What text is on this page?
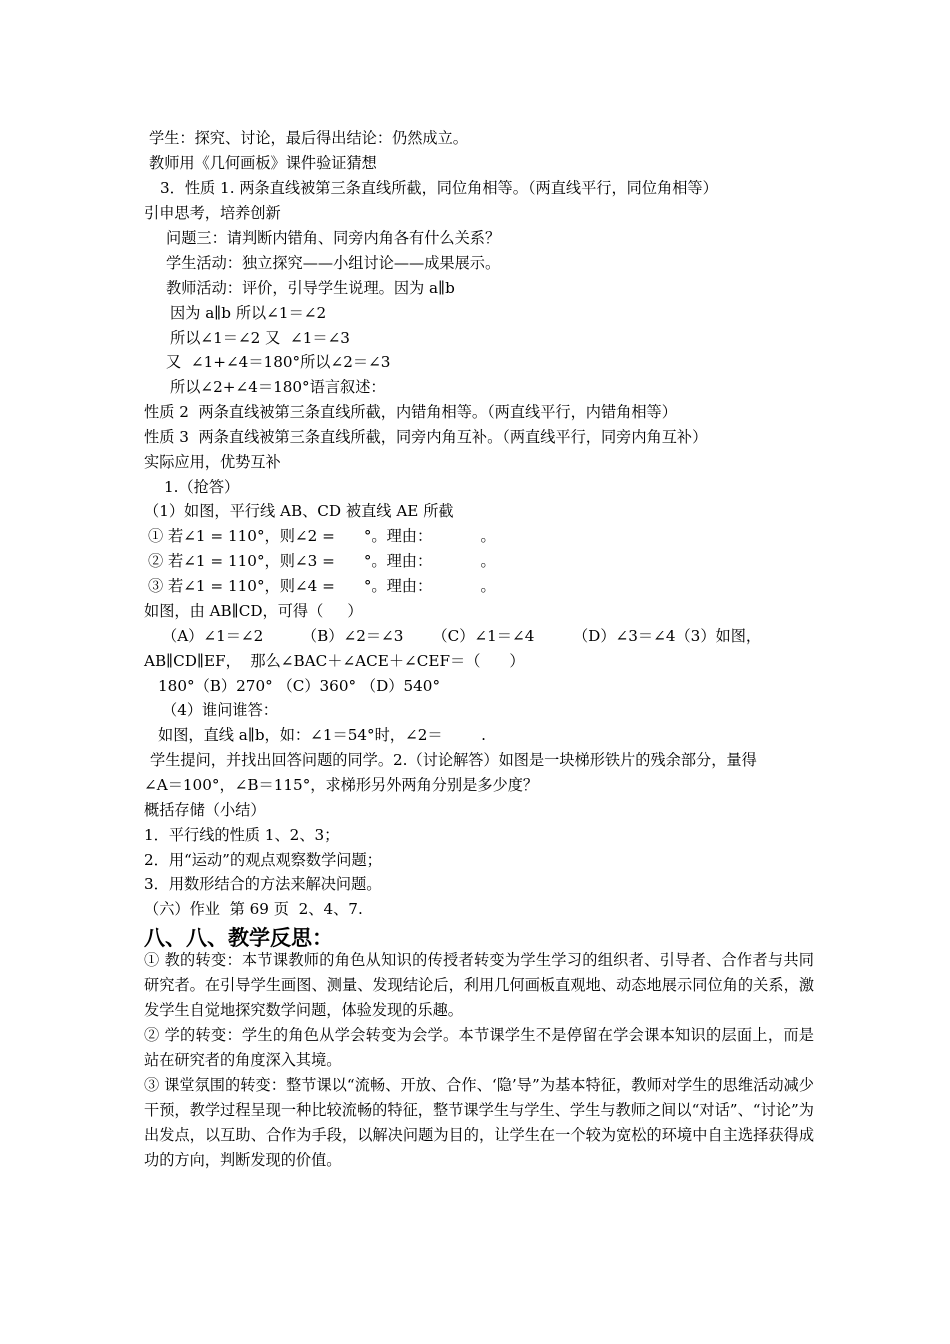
学生：探究、讨论，最后得出结论：仍然成立。
教师用《几何画板》课件验证猜想
3．性质 1. 两条直线被第三条直线所截，同位角相等。（两直线平行，同位角相等）
引申思考，培养创新
问题三：请判断内错角、同旁内角各有什么关系？
学生活动：独立探究——小组讨论——成果展示。
教师活动：评价，引导学生说理。因为 a∥b
因为 a∥b 所以∠1＝∠2
所以∠1＝∠2 又  ∠1＝∠3
又  ∠1+∠4＝180°所以∠2＝∠3
所以∠2+∠4＝180°语言叙述：
性质 2  两条直线被第三条直线所截，内错角相等。（两直线平行，内错角相等）
性质 3  两条直线被第三条直线所截，同旁内角互补。（两直线平行，同旁内角互补）
实际应用，优势互补
1.（抢答）
（1）如图，平行线 AB、CD 被直线 AE 所截
① 若∠1 = 110°，则∠2 =      °。理由：          。
② 若∠1 = 110°，则∠3 =      °。理由：          。
③ 若∠1 = 110°，则∠4 =      °。理由：          。
如图，由 AB∥CD，可得（     ）
（A）∠1＝∠2        （B）∠2＝∠3      （C）∠1＝∠4        （D）∠3＝∠4（3）如图，
AB∥CD∥EF，  那么∠BAC＋∠ACE＋∠CEF＝（      ）
180°（B）270° （C）360° （D）540°
（4）谁问谁答：
如图，直线 a∥b，如：∠1＝54°时，∠2＝        .
学生提问，并找出回答问题的同学。2.（讨论解答）如图是一块梯形铁片的残余部分，量得
∠A＝100°，∠B＝115°，求梯形另外两角分别是多少度？
概括存储（小结）
1．平行线的性质 1、2、3；
2．用“运动”的观点观察数学问题；
3．用数形结合的方法来解决问题。
（六）作业  第 69 页  2、4、7.
八、八、教学反思：
① 教的转变：本节课教师的角色从知识的传授者转变为学生学习的组织者、引导者、合作者与共同研究者。在引导学生画图、测量、发现结论后，利用几何画板直观地、动态地展示同位角的关系，激发学生自觉地探究数学问题，体验发现的乐趣。
② 学的转变：学生的角色从学会转变为会学。本节课学生不是停留在学会课本知识的层面上，而是站在研究者的角度深入其境。
③ 课堂氛围的转变：整节课以“流畅、开放、合作、‘隐’导”为基本特征，教师对学生的思维活动减少干预，教学过程呈现一种比较流畅的特征，整节课学生与学生、学生与教师之间以“对话”、“讨论”为出发点，以互助、合作为手段，以解决问题为目的，让学生在一个较为宽松的环境中自主选择获得成功的方向，判断发现的价值。
